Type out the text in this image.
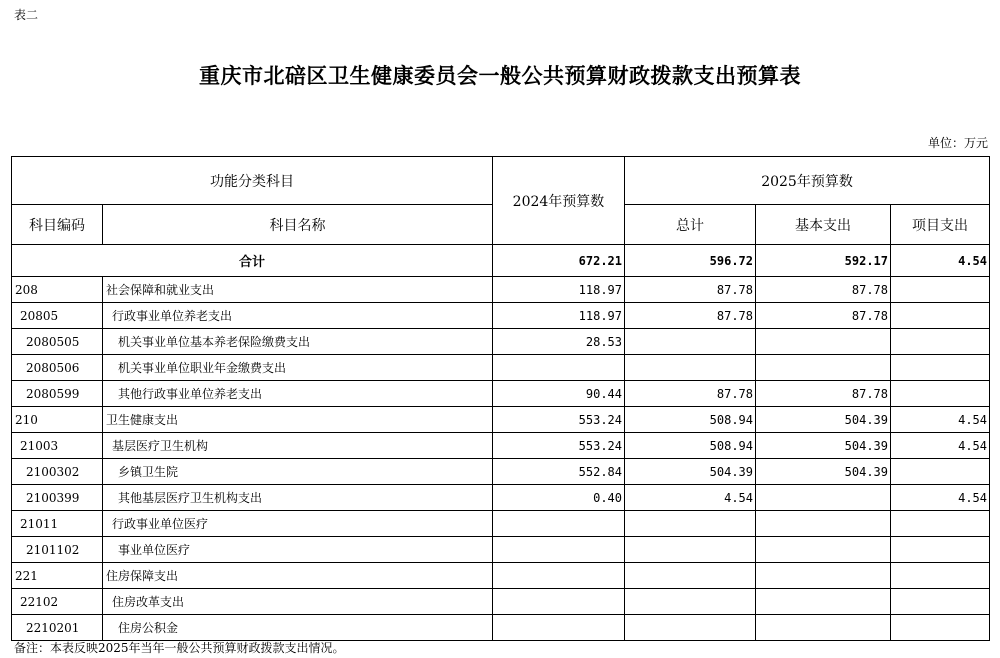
表二
重庆市北碚区卫生健康委员会一般公共预算财政拨款支出预算表
单位：万元
功能分类科目		2024年预算数	2025年预算数		
科目编码	科目名称		总计	基本支出	项目支出
合计		672.21	596.72	592.17	4.54
208	社会保障和就业支出	118.97	87.78	87.78	
20805	行政事业单位养老支出	118.97	87.78	87.78	
2080505	机关事业单位基本养老保险缴费支出	28.53			
2080506	机关事业单位职业年金缴费支出				
2080599	其他行政事业单位养老支出	90.44	87.78	87.78	
210	卫生健康支出	553.24	508.94	504.39	4.54
21003	基层医疗卫生机构	553.24	508.94	504.39	4.54
2100302	乡镇卫生院	552.84	504.39	504.39	
2100399	其他基层医疗卫生机构支出	0.40	4.54		4.54
21011	行政事业单位医疗				
2101102	事业单位医疗				
221	住房保障支出				
22102	住房改革支出				
2210201	住房公积金				
备注：本表反映2025年当年一般公共预算财政拨款支出情况。
